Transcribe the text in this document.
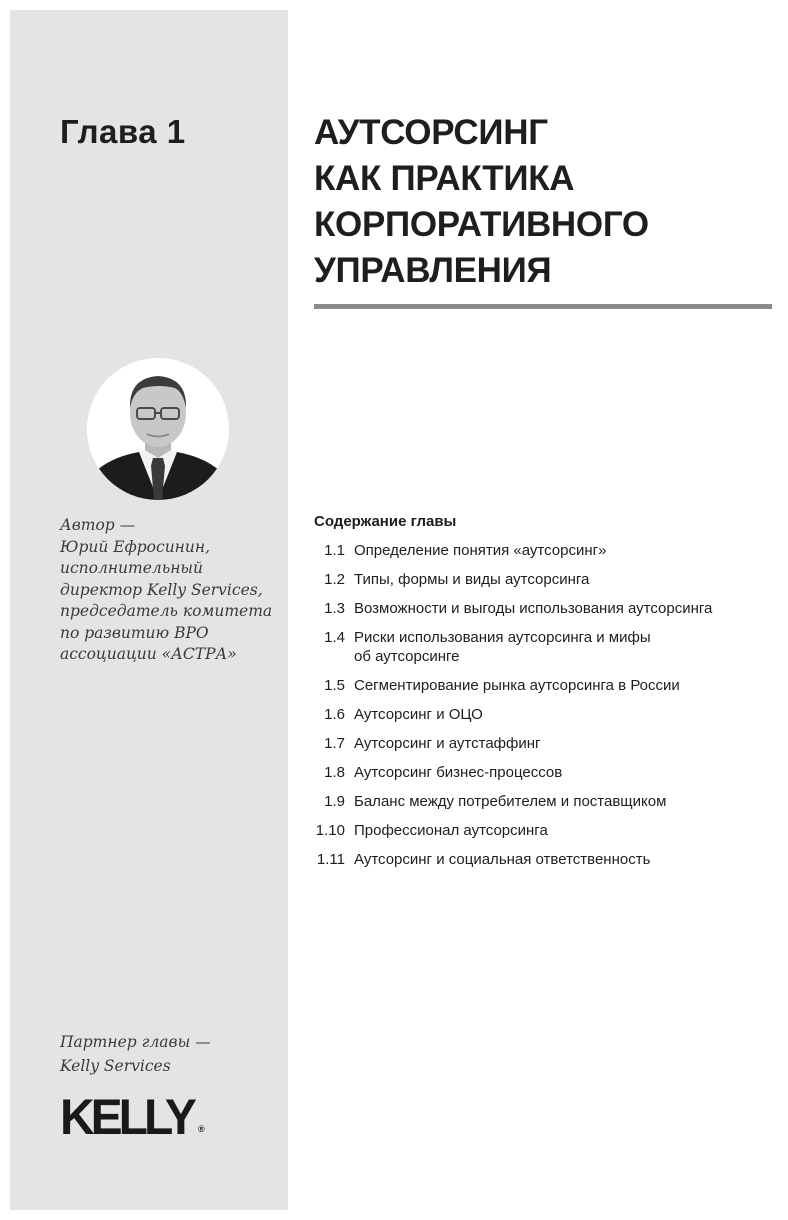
Глава 1
Автор —
Юрий Ефросинин,
исполнительный
директор Kelly Services,
председатель комитета
по развитию BPO
ассоциации «АСТРА»
Партнер главы —
Kelly Services
KELLY ®
АУТСОРСИНГ
КАК ПРАКТИКА
КОРПОРАТИВНОГО
УПРАВЛЕНИЯ
Содержание главы
1.1 Определение понятия «аутсорсинг»
1.2 Типы, формы и виды аутсорсинга
1.3 Возможности и выгоды использования аутсорсинга
1.4 Риски использования аутсорсинга и мифы
об аутсорсинге
1.5 Сегментирование рынка аутсорсинга в России
1.6 Аутсорсинг и ОЦО
1.7 Аутсорсинг и аутстаффинг
1.8 Аутсорсинг бизнес-процессов
1.9 Баланс между потребителем и поставщиком
1.10 Профессионал аутсорсинга
1.11 Аутсорсинг и социальная ответственность
